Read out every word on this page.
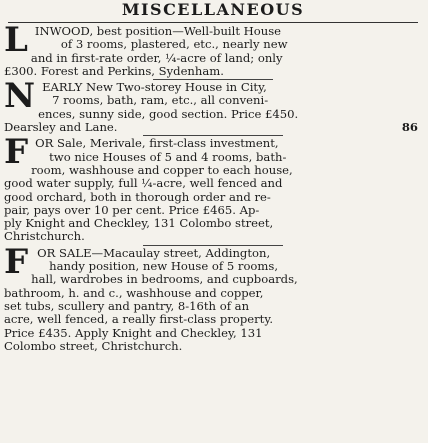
MISCELLANEOUS
L INWOOD, best position—Well-built House
of 3 rooms, plastered, etc., nearly new
and in first-rate order, ¼-acre of land; only
£300. Forest and Perkins, Sydenham.
N EARLY New Two-storey House in City,
7 rooms, bath, ram, etc., all conveni-
ences, sunny side, good section. Price £450.
Dearsley and Lane.	86
F OR Sale, Merivale, first-class investment,
two nice Houses of 5 and 4 rooms, bath-
room, washhouse and copper to each house,
good water supply, full ¼-acre, well fenced and
good orchard, both in thorough order and re-
pair, pays over 10 per cent. Price £465. Ap-
ply Knight and Checkley, 131 Colombo street,
Christchurch.
F OR SALE—Macaulay street, Addington,
handy position, new House of 5 rooms,
hall, wardrobes in bedrooms, and cupboards,
bathroom, h. and c., washhouse and copper,
set tubs, scullery and pantry, 8-16th of an
acre, well fenced, a really first-class property.
Price £435. Apply Knight and Checkley, 131
Colombo street, Christchurch.
